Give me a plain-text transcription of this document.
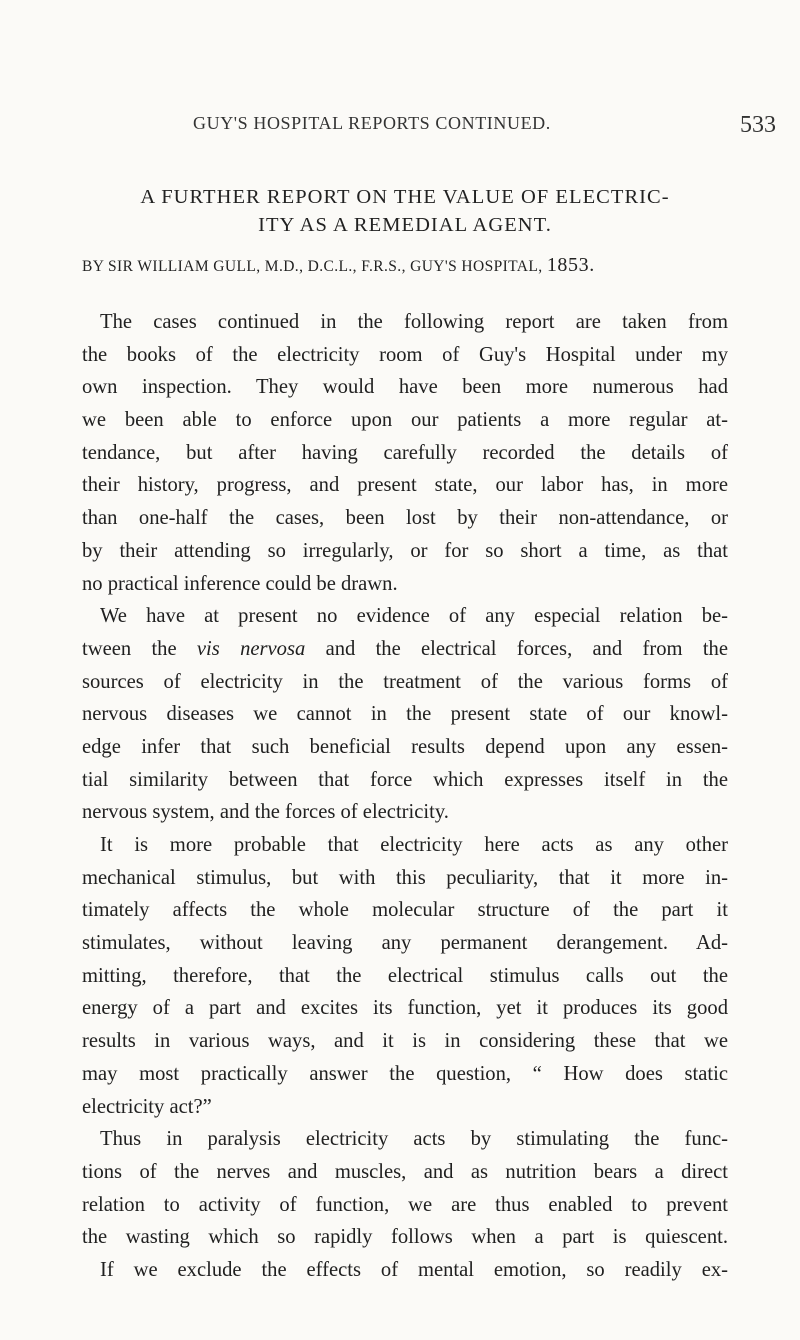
GUY'S HOSPITAL REPORTS CONTINUED.	533
A FURTHER REPORT ON THE VALUE OF ELECTRIC-
ITY AS A REMEDIAL AGENT.
BY SIR WILLIAM GULL, M.D., D.C.L., F.R.S., GUY'S HOSPITAL, 1853.
The cases continued in the following report are taken from
the books of the electricity room of Guy's Hospital under my
own inspection. They would have been more numerous had
we been able to enforce upon our patients a more regular at-
tendance, but after having carefully recorded the details of
their history, progress, and present state, our labor has, in more
than one-half the cases, been lost by their non-attendance, or
by their attending so irregularly, or for so short a time, as that
no practical inference could be drawn.
We have at present no evidence of any especial relation be-
tween the vis nervosa and the electrical forces, and from the
sources of electricity in the treatment of the various forms of
nervous diseases we cannot in the present state of our knowl-
edge infer that such beneficial results depend upon any essen-
tial similarity between that force which expresses itself in the
nervous system, and the forces of electricity.
It is more probable that electricity here acts as any other
mechanical stimulus, but with this peculiarity, that it more in-
timately affects the whole molecular structure of the part it
stimulates, without leaving any permanent derangement. Ad-
mitting, therefore, that the electrical stimulus calls out the
energy of a part and excites its function, yet it produces its good
results in various ways, and it is in considering these that we
may most practically answer the question, “ How does static
electricity act?”
Thus in paralysis electricity acts by stimulating the func-
tions of the nerves and muscles, and as nutrition bears a direct
relation to activity of function, we are thus enabled to prevent
the wasting which so rapidly follows when a part is quiescent.
If we exclude the effects of mental emotion, so readily ex-
